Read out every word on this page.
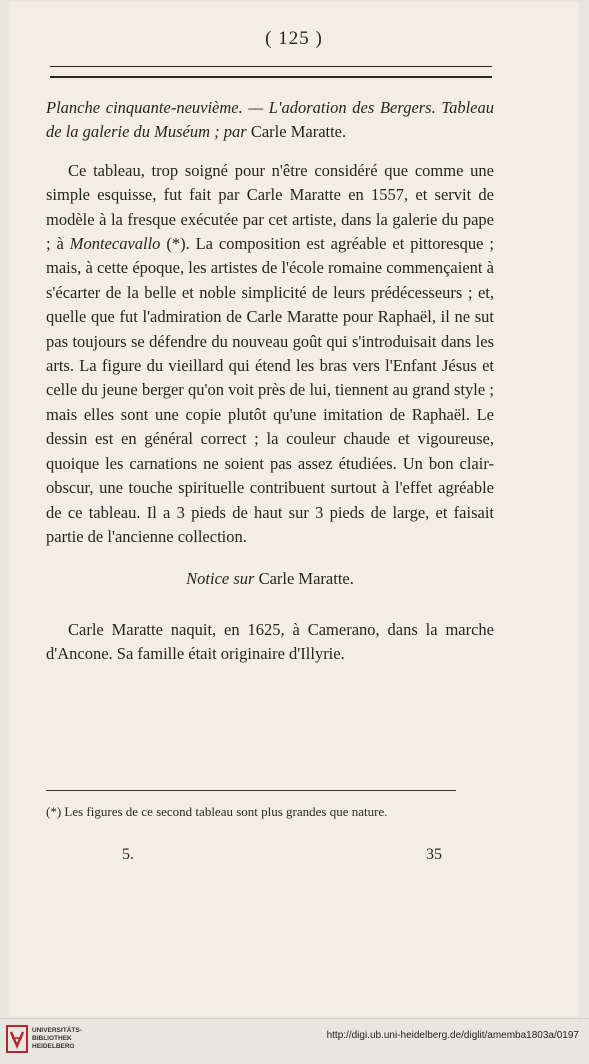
( 125 )

Planche cinquante-neuvième. — L'adoration des Bergers. Tableau de la galerie du Muséum ; par Carle Maratte.

Ce tableau, trop soigné pour n'être considéré que comme une simple esquisse, fut fait par Carle Maratte en 1557, et servit de modèle à la fresque exécutée par cet artiste, dans la galerie du pape ; à Montecavallo (*). La composition est agréable et pittoresque ; mais, à cette époque, les artistes de l'école romaine commençaient à s'écarter de la belle et noble simplicité de leurs prédécesseurs ; et, quelle que fut l'admiration de Carle Maratte pour Raphaël, il ne sut pas toujours se défendre du nouveau goût qui s'introduisait dans les arts. La figure du vieillard qui étend les bras vers l'Enfant Jésus et celle du jeune berger qu'on voit près de lui, tiennent au grand style ; mais elles sont une copie plutôt qu'une imitation de Raphaël. Le dessin est en général correct ; la couleur chaude et vigoureuse, quoique les carnations ne soient pas assez étudiées. Un bon clair-obscur, une touche spirituelle contribuent surtout à l'effet agréable de ce tableau. Il a 3 pieds de haut sur 3 pieds de large, et faisait partie de l'ancienne collection.

Notice sur Carle Maratte.

Carle Maratte naquit, en 1625, à Camerano, dans la marche d'Ancone. Sa famille était originaire d'Illyrie.

(*) Les figures de ce second tableau sont plus grandes que nature.
5.	35
UNIVERSITÄTS-
BIBLIOTHEK
HEIDELBERG
http://digi.ub.uni-heidelberg.de/diglit/amemba1803a/0197
